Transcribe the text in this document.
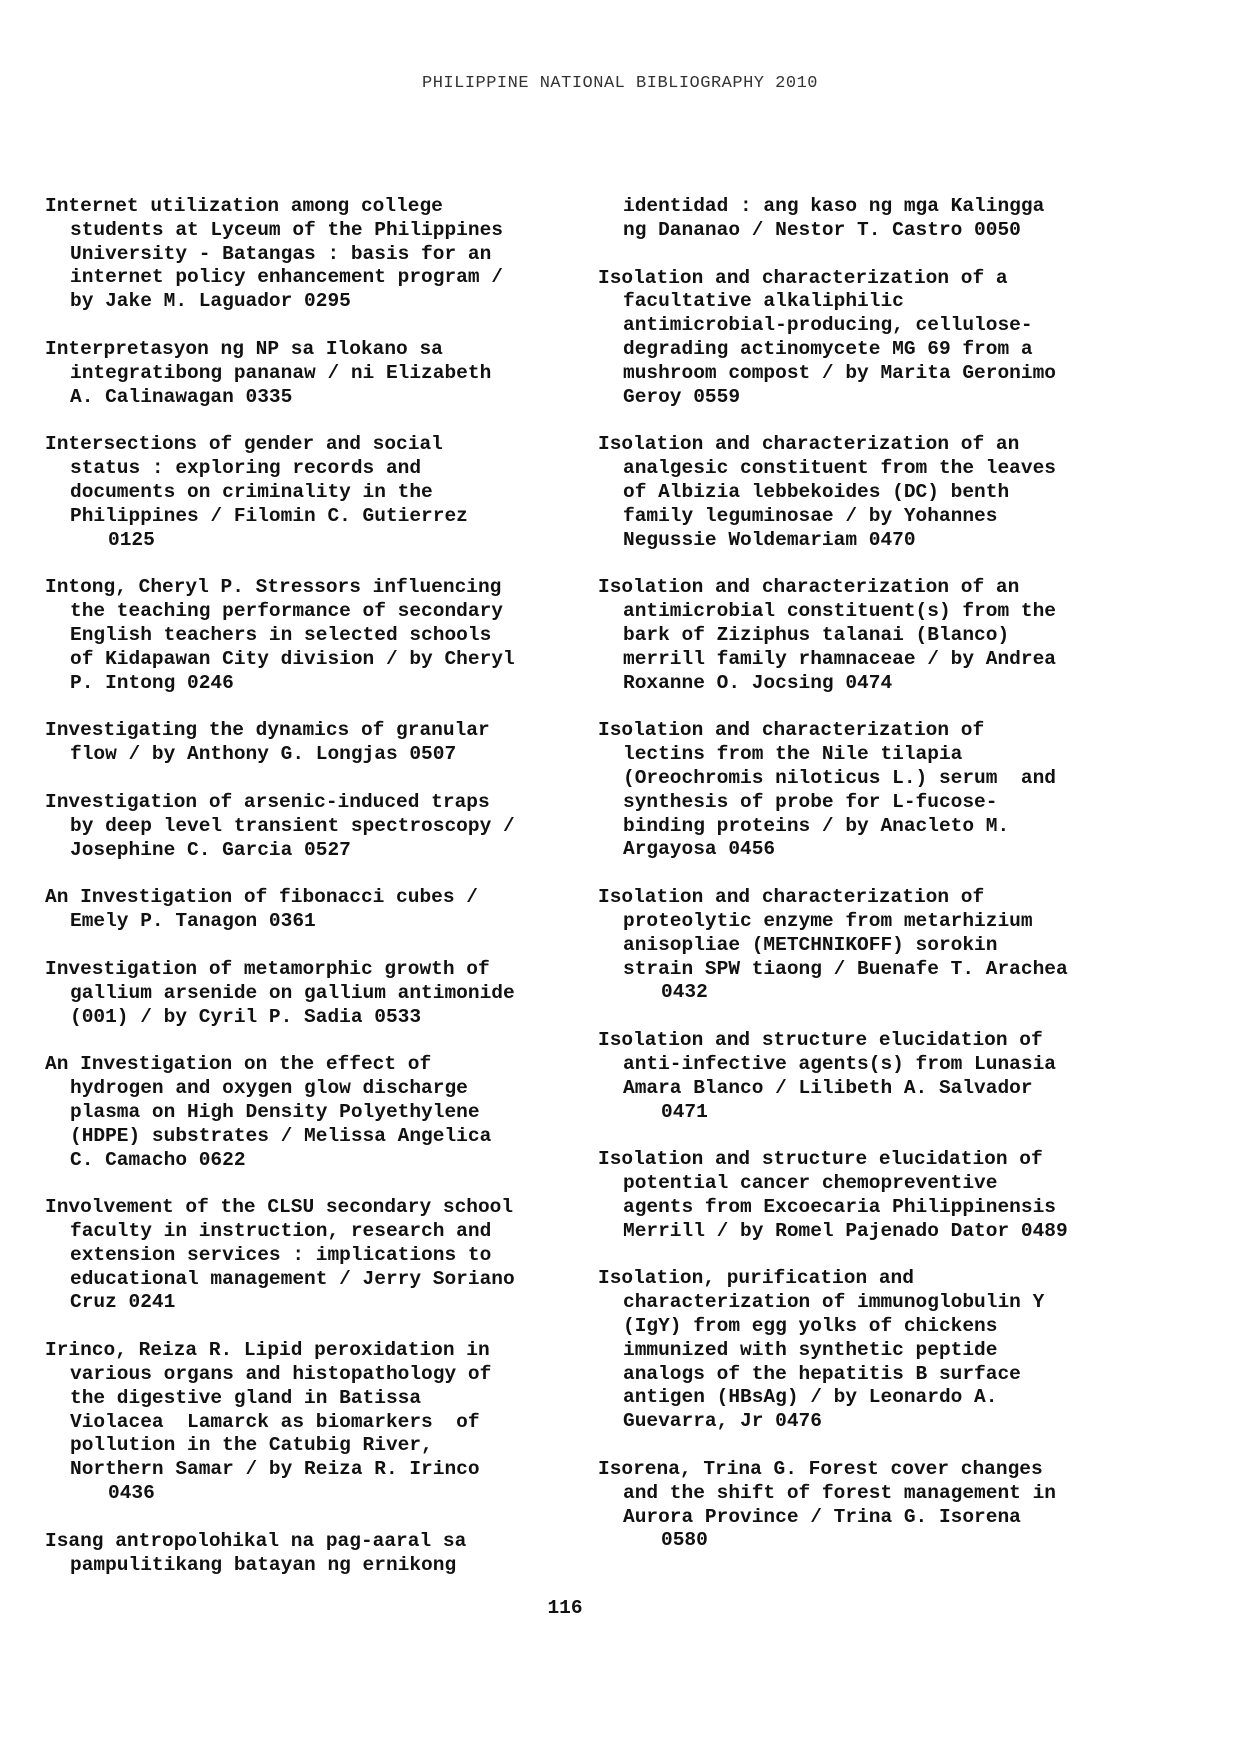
PHILIPPINE NATIONAL BIBLIOGRAPHY 2010
Internet utilization among college
students at Lyceum of the Philippines
University - Batangas : basis for an
internet policy enhancement program /
by Jake M. Laguador 0295
Interpretasyon ng NP sa Ilokano sa
integratibong pananaw / ni Elizabeth
A. Calinawagan 0335
Intersections of gender and social
status : exploring records and
documents on criminality in the
Philippines / Filomin C. Gutierrez
0125
Intong, Cheryl P. Stressors influencing
the teaching performance of secondary
English teachers in selected schools
of Kidapawan City division / by Cheryl
P. Intong 0246
Investigating the dynamics of granular
flow / by Anthony G. Longjas 0507
Investigation of arsenic-induced traps
by deep level transient spectroscopy /
Josephine C. Garcia 0527
An Investigation of fibonacci cubes /
Emely P. Tanagon 0361
Investigation of metamorphic growth of
gallium arsenide on gallium antimonide
(001) / by Cyril P. Sadia 0533
An Investigation on the effect of
hydrogen and oxygen glow discharge
plasma on High Density Polyethylene
(HDPE) substrates / Melissa Angelica
C. Camacho 0622
Involvement of the CLSU secondary school
faculty in instruction, research and
extension services : implications to
educational management / Jerry Soriano
Cruz 0241
Irinco, Reiza R. Lipid peroxidation in
various organs and histopathology of
the digestive gland in Batissa
Violacea  Lamarck as biomarkers  of
pollution in the Catubig River,
Northern Samar / by Reiza R. Irinco
0436
Isang antropolohikal na pag-aaral sa
pampulitikang batayan ng ernikong
identidad : ang kaso ng mga Kalingga
ng Dananao / Nestor T. Castro 0050
Isolation and characterization of a
facultative alkaliphilic
antimicrobial-producing, cellulose-
degrading actinomycete MG 69 from a
mushroom compost / by Marita Geronimo
Geroy 0559
Isolation and characterization of an
analgesic constituent from the leaves
of Albizia lebbekoides (DC) benth
family leguminosae / by Yohannes
Negussie Woldemariam 0470
Isolation and characterization of an
antimicrobial constituent(s) from the
bark of Ziziphus talanai (Blanco)
merrill family rhamnaceae / by Andrea
Roxanne O. Jocsing 0474
Isolation and characterization of
lectins from the Nile tilapia
(Oreochromis niloticus L.) serum  and
synthesis of probe for L-fucose-
binding proteins / by Anacleto M.
Argayosa 0456
Isolation and characterization of
proteolytic enzyme from metarhizium
anisopliae (METCHNIKOFF) sorokin
strain SPW tiaong / Buenafe T. Arachea
0432
Isolation and structure elucidation of
anti-infective agents(s) from Lunasia
Amara Blanco / Lilibeth A. Salvador
0471
Isolation and structure elucidation of
potential cancer chemopreventive
agents from Excoecaria Philippinensis
Merrill / by Romel Pajenado Dator 0489
Isolation, purification and
characterization of immunoglobulin Y
(IgY) from egg yolks of chickens
immunized with synthetic peptide
analogs of the hepatitis B surface
antigen (HBsAg) / by Leonardo A.
Guevarra, Jr 0476
Isorena, Trina G. Forest cover changes
and the shift of forest management in
Aurora Province / Trina G. Isorena
0580
116
